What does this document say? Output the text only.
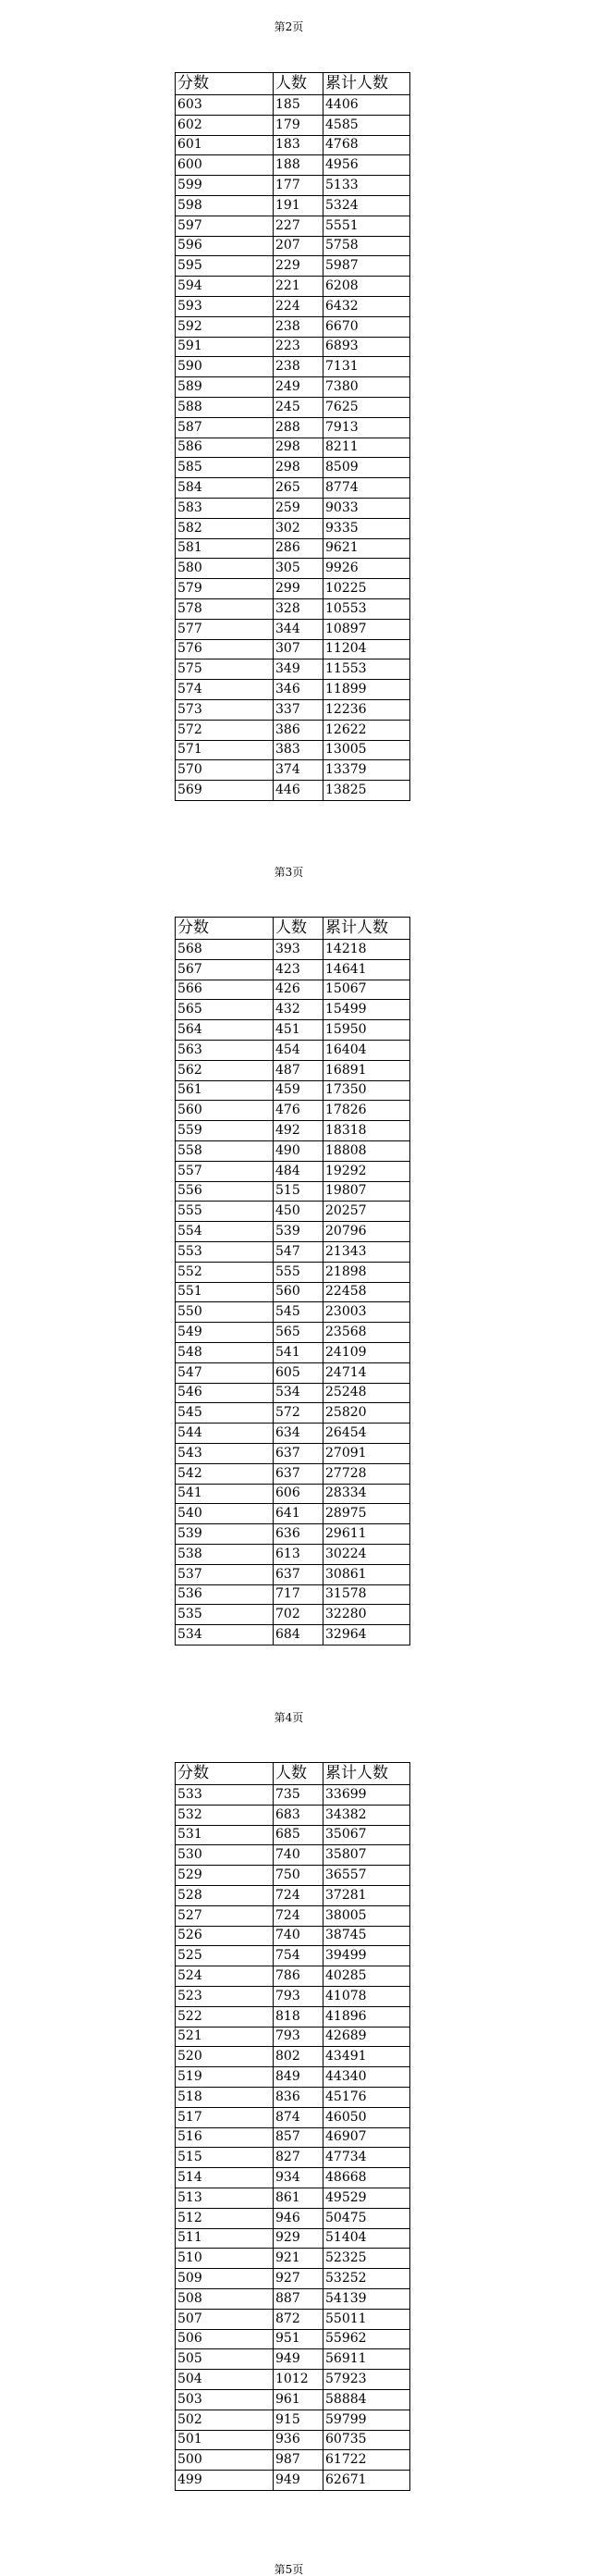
第2页
分数	人数	累计人数
603	185	4406
602	179	4585
601	183	4768
600	188	4956
599	177	5133
598	191	5324
597	227	5551
596	207	5758
595	229	5987
594	221	6208
593	224	6432
592	238	6670
591	223	6893
590	238	7131
589	249	7380
588	245	7625
587	288	7913
586	298	8211
585	298	8509
584	265	8774
583	259	9033
582	302	9335
581	286	9621
580	305	9926
579	299	10225
578	328	10553
577	344	10897
576	307	11204
575	349	11553
574	346	11899
573	337	12236
572	386	12622
571	383	13005
570	374	13379
569	446	13825
第3页
分数	人数	累计人数
568	393	14218
567	423	14641
566	426	15067
565	432	15499
564	451	15950
563	454	16404
562	487	16891
561	459	17350
560	476	17826
559	492	18318
558	490	18808
557	484	19292
556	515	19807
555	450	20257
554	539	20796
553	547	21343
552	555	21898
551	560	22458
550	545	23003
549	565	23568
548	541	24109
547	605	24714
546	534	25248
545	572	25820
544	634	26454
543	637	27091
542	637	27728
541	606	28334
540	641	28975
539	636	29611
538	613	30224
537	637	30861
536	717	31578
535	702	32280
534	684	32964
第4页
分数	人数	累计人数
533	735	33699
532	683	34382
531	685	35067
530	740	35807
529	750	36557
528	724	37281
527	724	38005
526	740	38745
525	754	39499
524	786	40285
523	793	41078
522	818	41896
521	793	42689
520	802	43491
519	849	44340
518	836	45176
517	874	46050
516	857	46907
515	827	47734
514	934	48668
513	861	49529
512	946	50475
511	929	51404
510	921	52325
509	927	53252
508	887	54139
507	872	55011
506	951	55962
505	949	56911
504	1012	57923
503	961	58884
502	915	59799
501	936	60735
500	987	61722
499	949	62671
第5页
